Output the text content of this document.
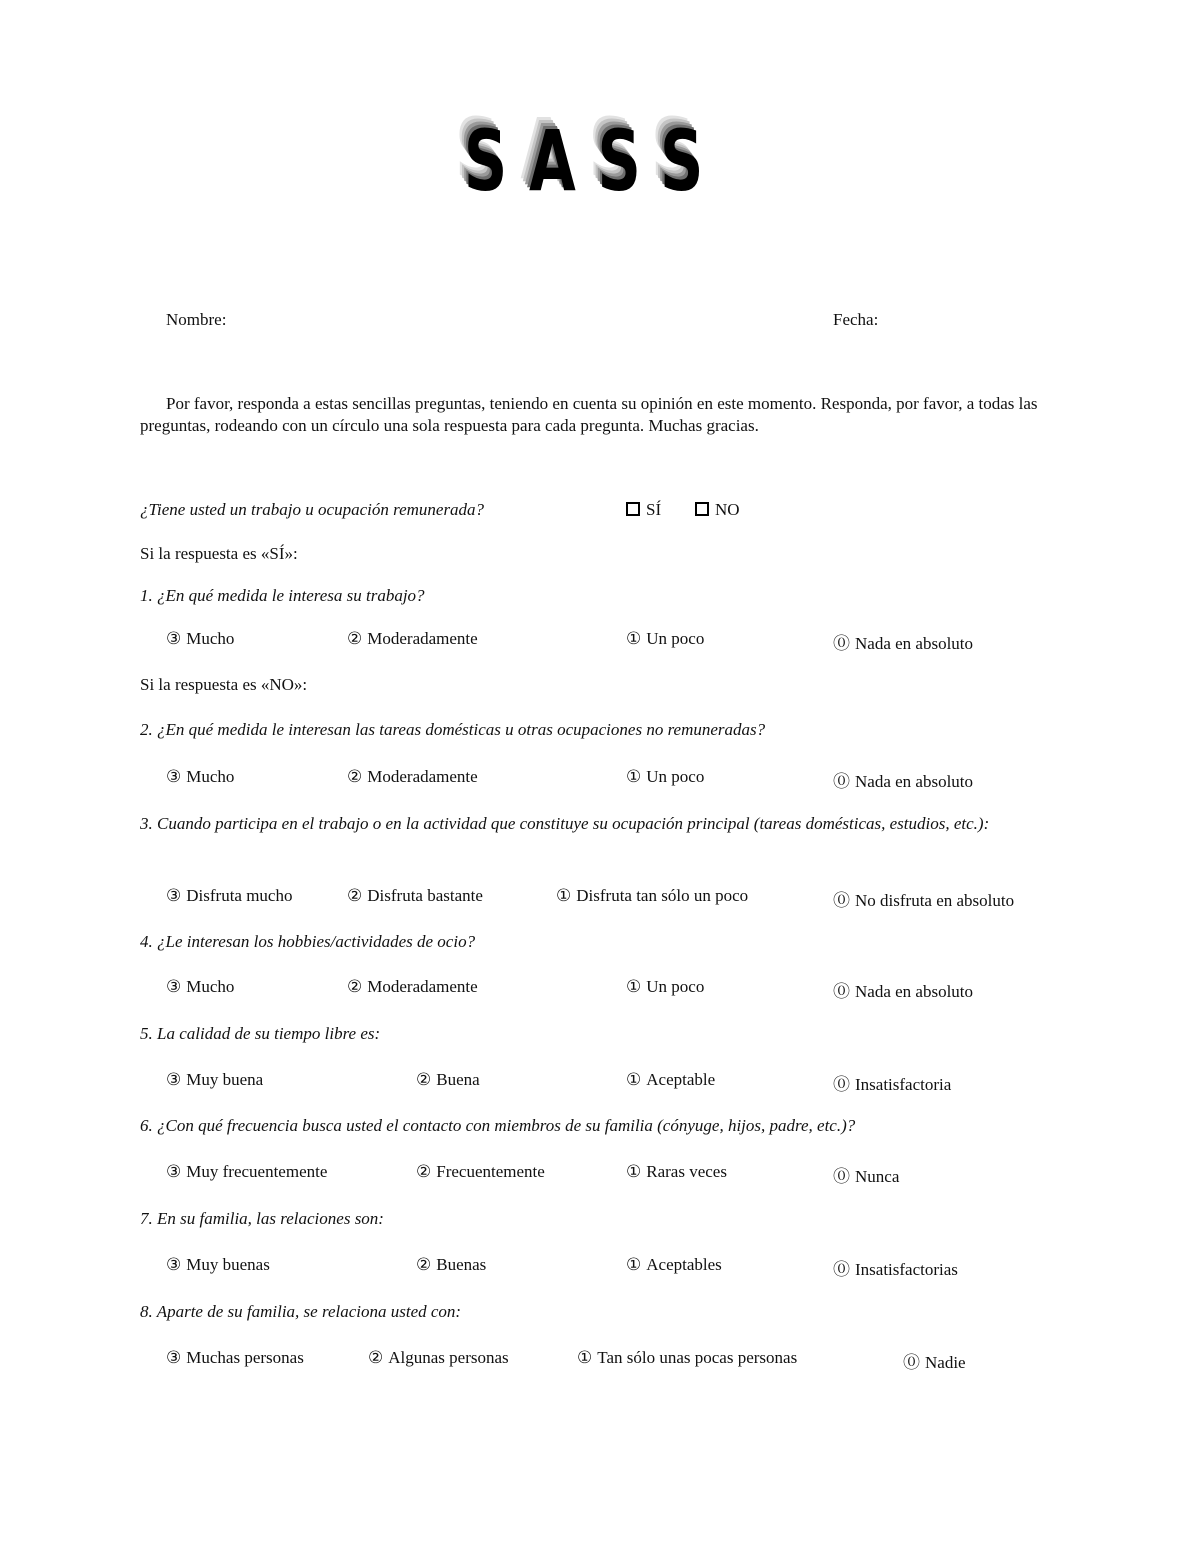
SASS
Nombre:	Fecha:
Por favor, responda a estas sencillas preguntas, teniendo en cuenta su opinión en este momento. Responda, por favor, a todas las preguntas, rodeando con un círculo una sola respuesta para cada pregunta. Muchas gracias.
¿Tiene usted un trabajo u ocupación remunerada?	SÍ	NO
Si la respuesta es «SÍ»:
1. ¿En qué medida le interesa su trabajo?
③ Mucho	② Moderadamente	① Un poco	⓪ Nada en absoluto
Si la respuesta es «NO»:
2. ¿En qué medida le interesan las tareas domésticas u otras ocupaciones no remuneradas?
③ Mucho	② Moderadamente	① Un poco	⓪ Nada en absoluto
3. Cuando participa en el trabajo o en la actividad que constituye su ocupación principal (tareas domésticas, estudios, etc.):
③ Disfruta mucho	② Disfruta bastante	① Disfruta tan sólo un poco	⓪ No disfruta en absoluto
4. ¿Le interesan los hobbies/actividades de ocio?
③ Mucho	② Moderadamente	① Un poco	⓪ Nada en absoluto
5. La calidad de su tiempo libre es:
③ Muy buena	② Buena	① Aceptable	⓪ Insatisfactoria
6. ¿Con qué frecuencia busca usted el contacto con miembros de su familia (cónyuge, hijos, padre, etc.)?
③ Muy frecuentemente	② Frecuentemente	① Raras veces	⓪ Nunca
7. En su familia, las relaciones son:
③ Muy buenas	② Buenas	① Aceptables	⓪ Insatisfactorias
8. Aparte de su familia, se relaciona usted con:
③ Muchas personas	② Algunas personas	① Tan sólo unas pocas personas	⓪ Nadie
